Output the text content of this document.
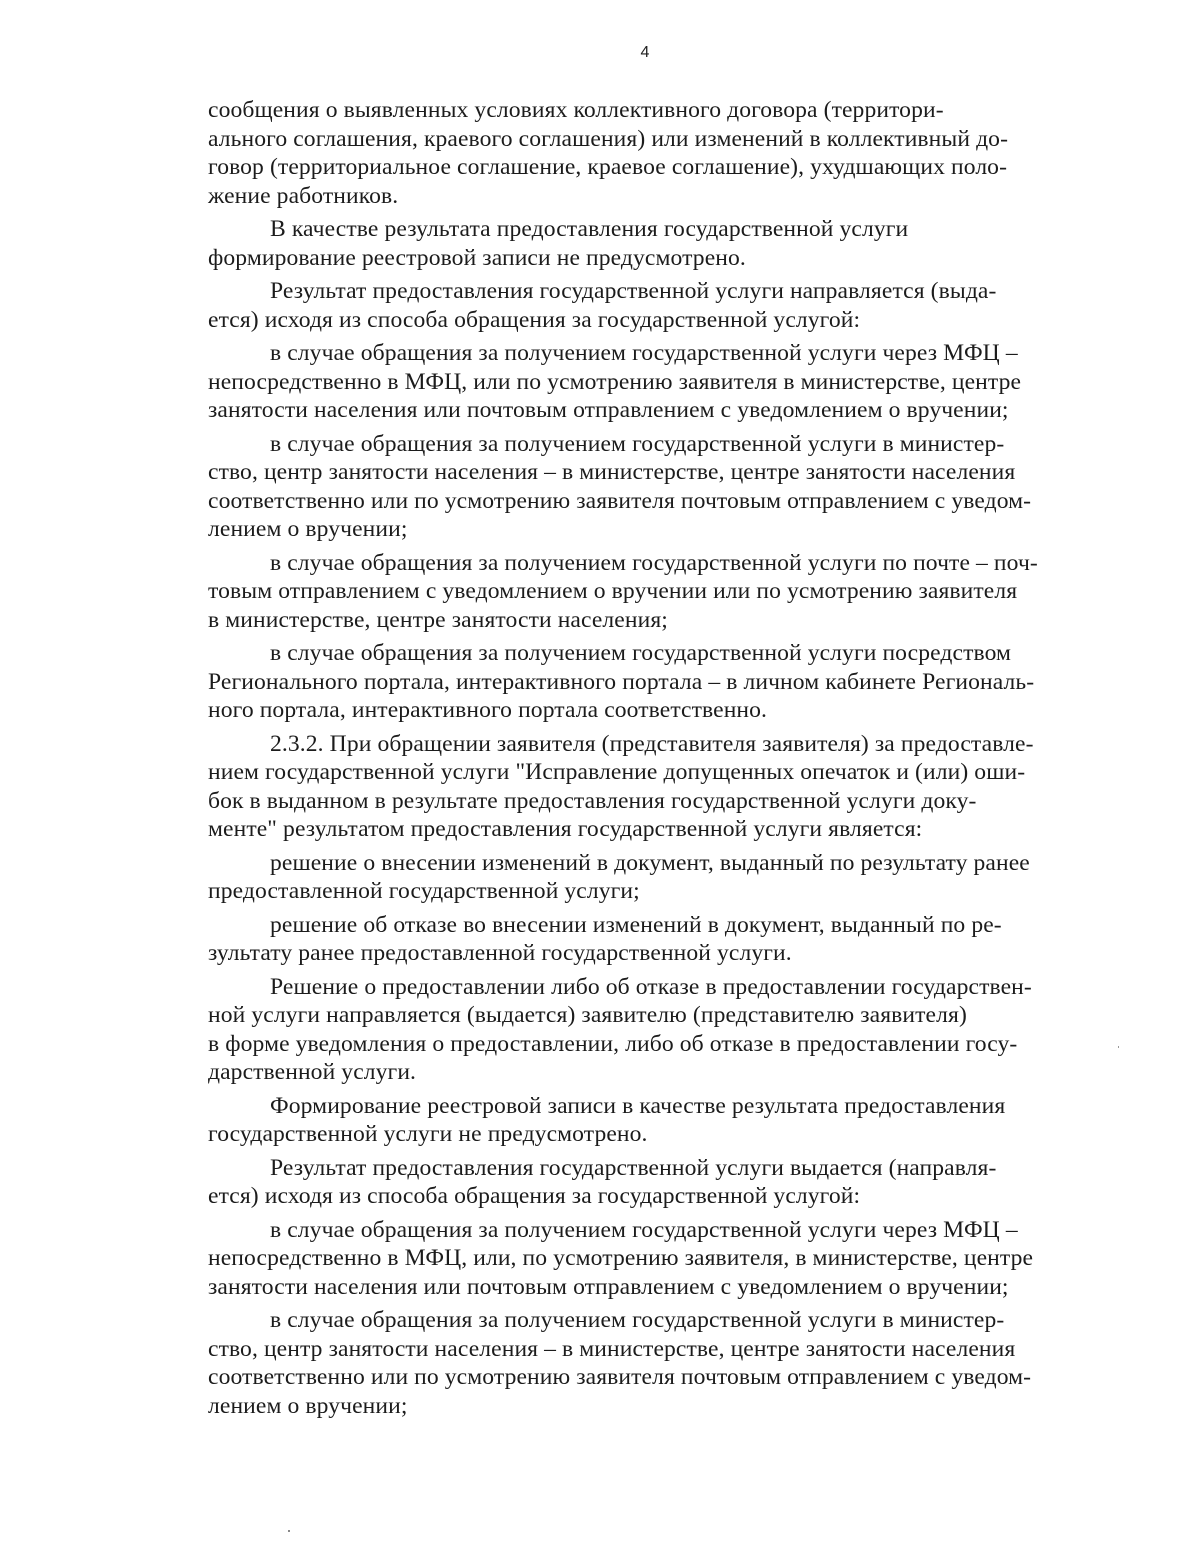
4

сообщения о выявленных условиях коллективного договора (территори-
ального соглашения, краевого соглашения) или изменений в коллективный до-
говор (территориальное соглашение, краевое соглашение), ухудшающих поло-
жение работников.

В качестве результата предоставления государственной услуги
формирование реестровой записи не предусмотрено.

Результат предоставления государственной услуги направляется (выда-
ется) исходя из способа обращения за государственной услугой:

в случае обращения за получением государственной услуги через МФЦ –
непосредственно в МФЦ, или по усмотрению заявителя в министерстве, центре
занятости населения или почтовым отправлением с уведомлением о вручении;

в случае обращения за получением государственной услуги в министер-
ство, центр занятости населения – в министерстве, центре занятости населения
соответственно или по усмотрению заявителя почтовым отправлением с уведом-
лением о вручении;

в случае обращения за получением государственной услуги по почте – поч-
товым отправлением с уведомлением о вручении или по усмотрению заявителя
в министерстве, центре занятости населения;

в случае обращения за получением государственной услуги посредством
Регионального портала, интерактивного портала – в личном кабинете Региональ-
ного портала, интерактивного портала соответственно.

2.3.2. При обращении заявителя (представителя заявителя) за предоставле-
нием государственной услуги "Исправление допущенных опечаток и (или) оши-
бок в выданном в результате предоставления государственной услуги доку-
менте" результатом предоставления государственной услуги является:

решение о внесении изменений в документ, выданный по результату ранее
предоставленной государственной услуги;

решение об отказе во внесении изменений в документ, выданный по ре-
зультату ранее предоставленной государственной услуги.

Решение о предоставлении либо об отказе в предоставлении государствен-
ной услуги направляется (выдается) заявителю (представителю заявителя)
в форме уведомления о предоставлении, либо об отказе в предоставлении госу-
дарственной услуги.

Формирование реестровой записи в качестве результата предоставления
государственной услуги не предусмотрено.

Результат предоставления государственной услуги выдается (направля-
ется) исходя из способа обращения за государственной услугой:

в случае обращения за получением государственной услуги через МФЦ –
непосредственно в МФЦ, или, по усмотрению заявителя, в министерстве, центре
занятости населения или почтовым отправлением с уведомлением о вручении;

в случае обращения за получением государственной услуги в министер-
ство, центр занятости населения – в министерстве, центре занятости населения
соответственно или по усмотрению заявителя почтовым отправлением с уведом-
лением о вручении;
